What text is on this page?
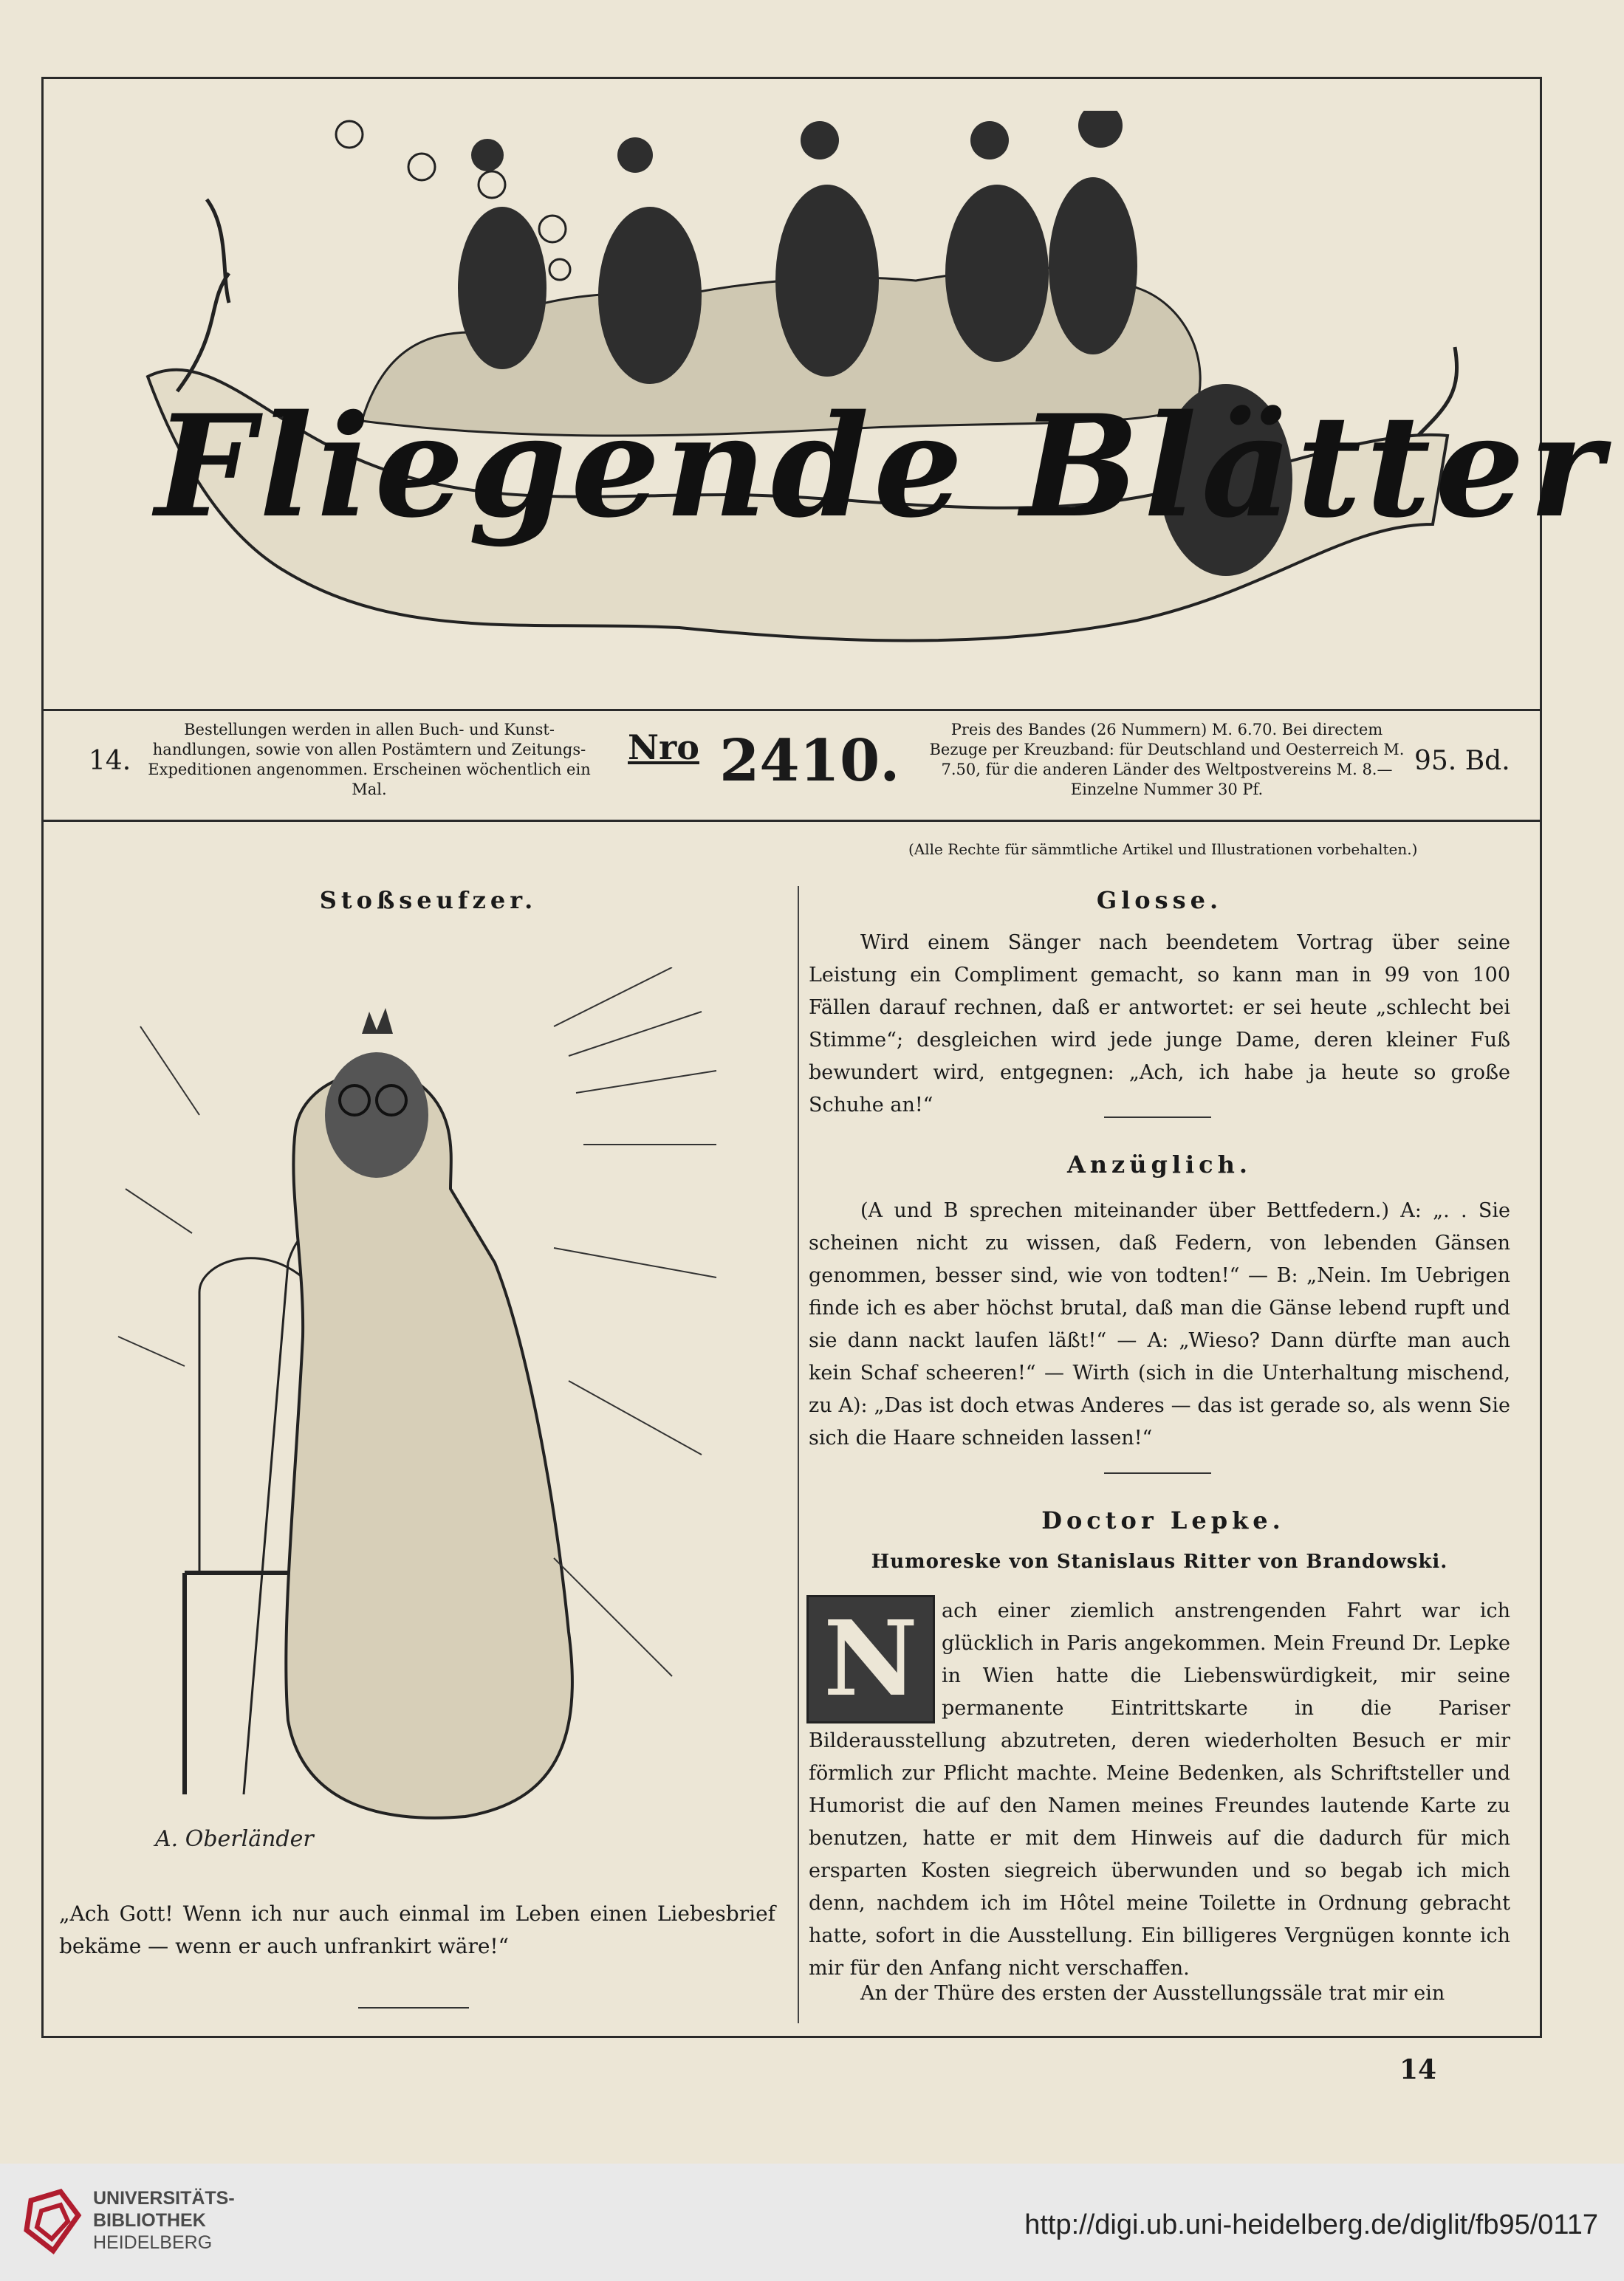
Fliegende Blätter
14.
Bestellungen werden in allen Buch- und Kunst-handlungen, sowie von allen Postämtern und Zeitungs-Expeditionen angenommen. Erscheinen wöchentlich ein Mal.
$^{Nro}$ 2410.	Preis des Bandes (26 Nummern) M. 6.70. Bei directem Bezuge per Kreuzband: für Deutschland und Oesterreich M. 7.50, für die anderen Länder des Weltpostvereins M. 8.— Einzelne Nummer 30 Pf.
95. Bd.
(Alle Rechte für sämmtliche Artikel und Illustrationen vorbehalten.)
Stoßseufzer.
A. Oberländer
„Ach Gott! Wenn ich nur auch einmal im Leben einen Liebesbrief bekäme — wenn er auch unfrankirt wäre!“
Glosse.
Wird einem Sänger nach beendetem Vortrag über seine Leistung ein Compliment gemacht, so kann man in 99 von 100 Fällen darauf rechnen, daß er antwortet: er sei heute „schlecht bei Stimme“; desgleichen wird jede junge Dame, deren kleiner Fuß bewundert wird, entgegnen: „Ach, ich habe ja heute so große Schuhe an!“
Anzüglich.
(A und B sprechen miteinander über Bettfedern.) A: „. . Sie scheinen nicht zu wissen, daß Federn, von lebenden Gänsen genommen, besser sind, wie von todten!“ — B: „Nein. Im Uebrigen finde ich es aber höchst brutal, daß man die Gänse lebend rupft und sie dann nackt laufen läßt!“ — A: „Wieso? Dann dürfte man auch kein Schaf scheeren!“ — Wirth (sich in die Unterhaltung mischend, zu A): „Das ist doch etwas Anderes — das ist gerade so, als wenn Sie sich die Haare schneiden lassen!“
Doctor Lepke.
Humoreske von Stanislaus Ritter von Brandowski.
N	ach einer ziemlich anstrengenden Fahrt war ich glücklich in Paris angekommen. Mein Freund Dr. Lepke in Wien hatte die Liebenswürdigkeit, mir seine permanente Eintrittskarte in die Pariser Bilderausstellung abzutreten, deren wiederholten Besuch er mir förmlich zur Pflicht machte. Meine Bedenken, als Schriftsteller und Humorist die auf den Namen meines Freundes lautende Karte zu benutzen, hatte er mit dem Hinweis auf die dadurch für mich ersparten Kosten siegreich überwunden und so begab ich mich denn, nachdem ich im Hôtel meine Toilette in Ordnung gebracht hatte, sofort in die Ausstellung. Ein billigeres Vergnügen konnte ich mir für den Anfang nicht verschaffen.
An der Thüre des ersten der Ausstellungssäle trat mir ein
14
UNIVERSITÄTS-
BIBLIOTHEK
HEIDELBERG
http://digi.ub.uni-heidelberg.de/diglit/fb95/0117
